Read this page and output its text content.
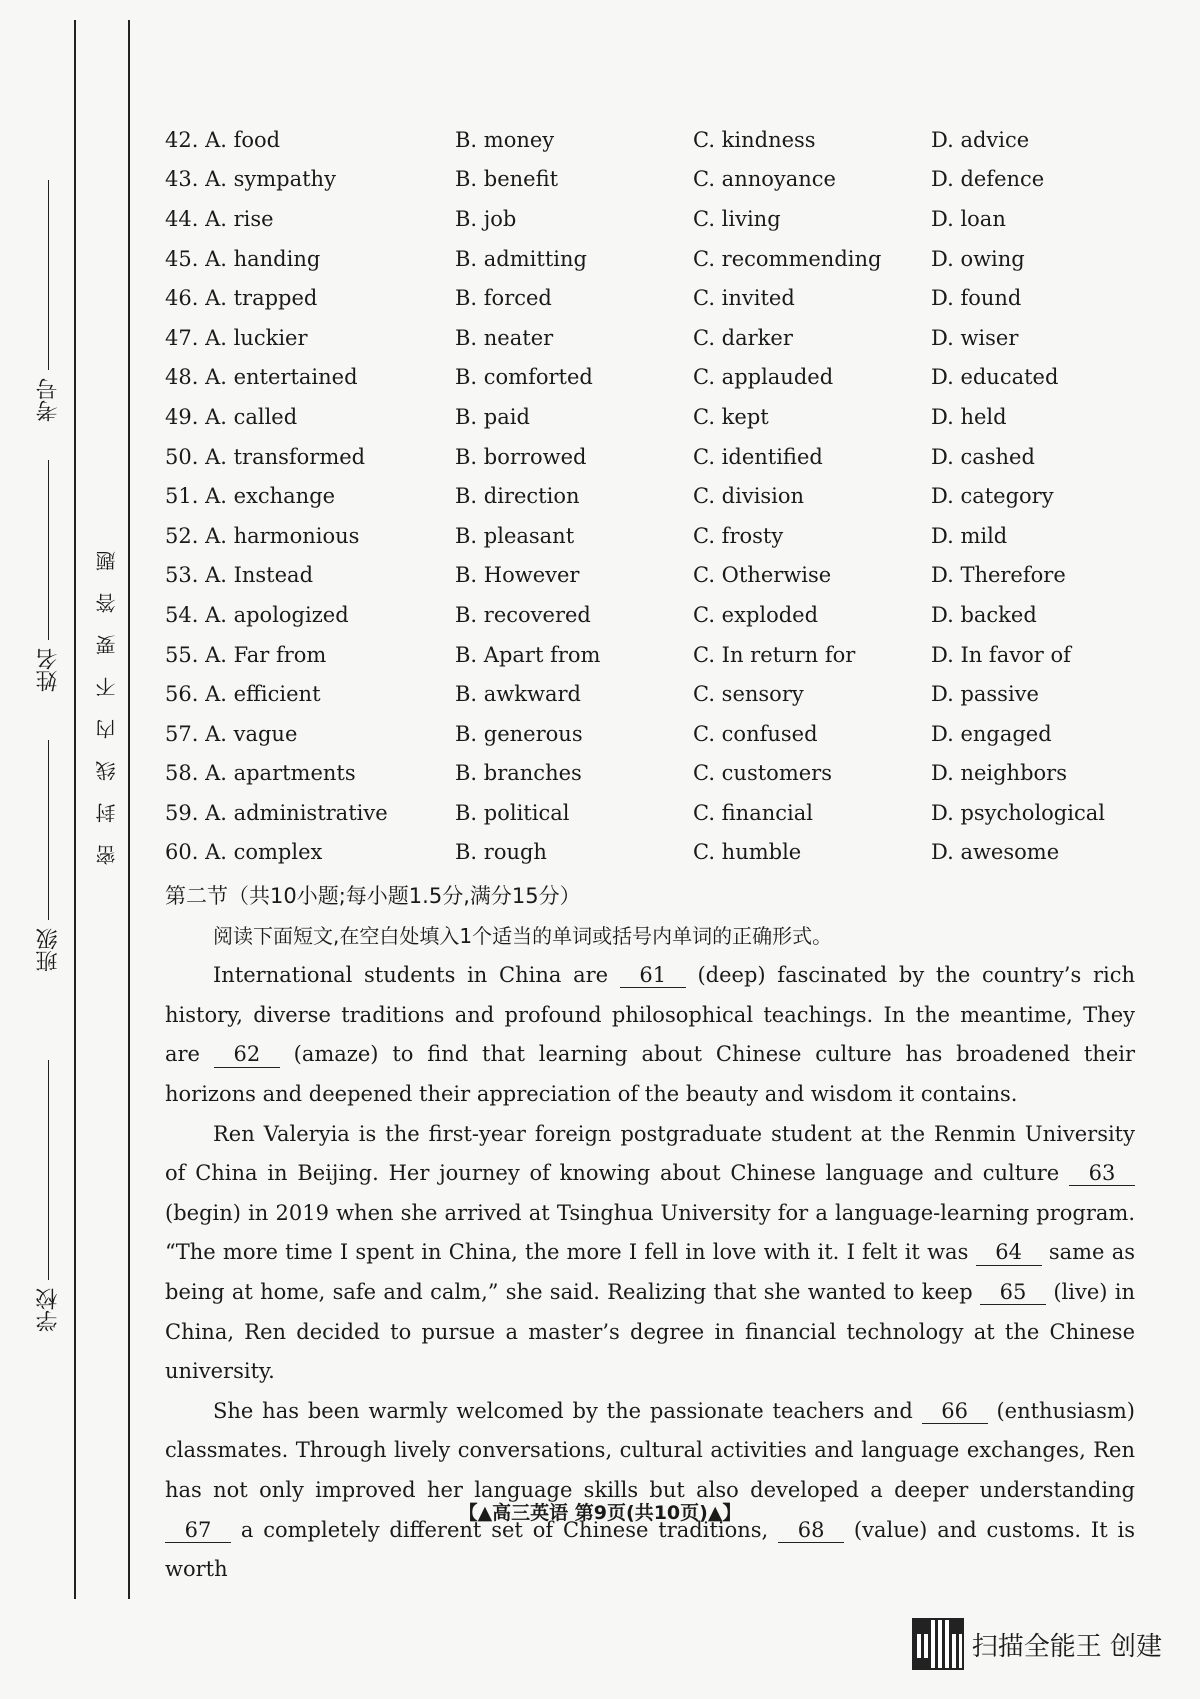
考号
姓名
班级
学校
题
答
要
不
内
线
封
密
42. A. food	B. money	C. kindness	D. advice
43. A. sympathy	B. benefit	C. annoyance	D. defence
44. A. rise	B. job	C. living	D. loan
45. A. handing	B. admitting	C. recommending	D. owing
46. A. trapped	B. forced	C. invited	D. found
47. A. luckier	B. neater	C. darker	D. wiser
48. A. entertained	B. comforted	C. applauded	D. educated
49. A. called	B. paid	C. kept	D. held
50. A. transformed	B. borrowed	C. identified	D. cashed
51. A. exchange	B. direction	C. division	D. category
52. A. harmonious	B. pleasant	C. frosty	D. mild
53. A. Instead	B. However	C. Otherwise	D. Therefore
54. A. apologized	B. recovered	C. exploded	D. backed
55. A. Far from	B. Apart from	C. In return for	D. In favor of
56. A. efficient	B. awkward	C. sensory	D. passive
57. A. vague	B. generous	C. confused	D. engaged
58. A. apartments	B. branches	C. customers	D. neighbors
59. A. administrative	B. political	C. financial	D. psychological
60. A. complex	B. rough	C. humble	D. awesome
第二节（共10小题;每小题1.5分,满分15分）
阅读下面短文,在空白处填入1个适当的单词或括号内单词的正确形式。

International students in China are 61 (deep) fascinated by the country’s rich history, diverse traditions and profound philosophical teachings. In the meantime, They are 62 (amaze) to find that learning about Chinese culture has broadened their horizons and deepened their appreciation of the beauty and wisdom it contains.

Ren Valeryia is the first-year foreign postgraduate student at the Renmin University of China in Beijing. Her journey of knowing about Chinese language and culture 63 (begin) in 2019 when she arrived at Tsinghua University for a language-learning program. “The more time I spent in China, the more I fell in love with it. I felt it was 64 same as being at home, safe and calm,” she said. Realizing that she wanted to keep 65 (live) in China, Ren decided to pursue a master’s degree in financial technology at the Chinese university.

She has been warmly welcomed by the passionate teachers and 66 (enthusiasm) classmates. Through lively conversations, cultural activities and language exchanges, Ren has not only improved her language skills but also developed a deeper understanding 67 a completely different set of Chinese traditions, 68 (value) and customs. It is worth

【▲高三英语 第9页(共10页)▲】
扫描全能王 创建
